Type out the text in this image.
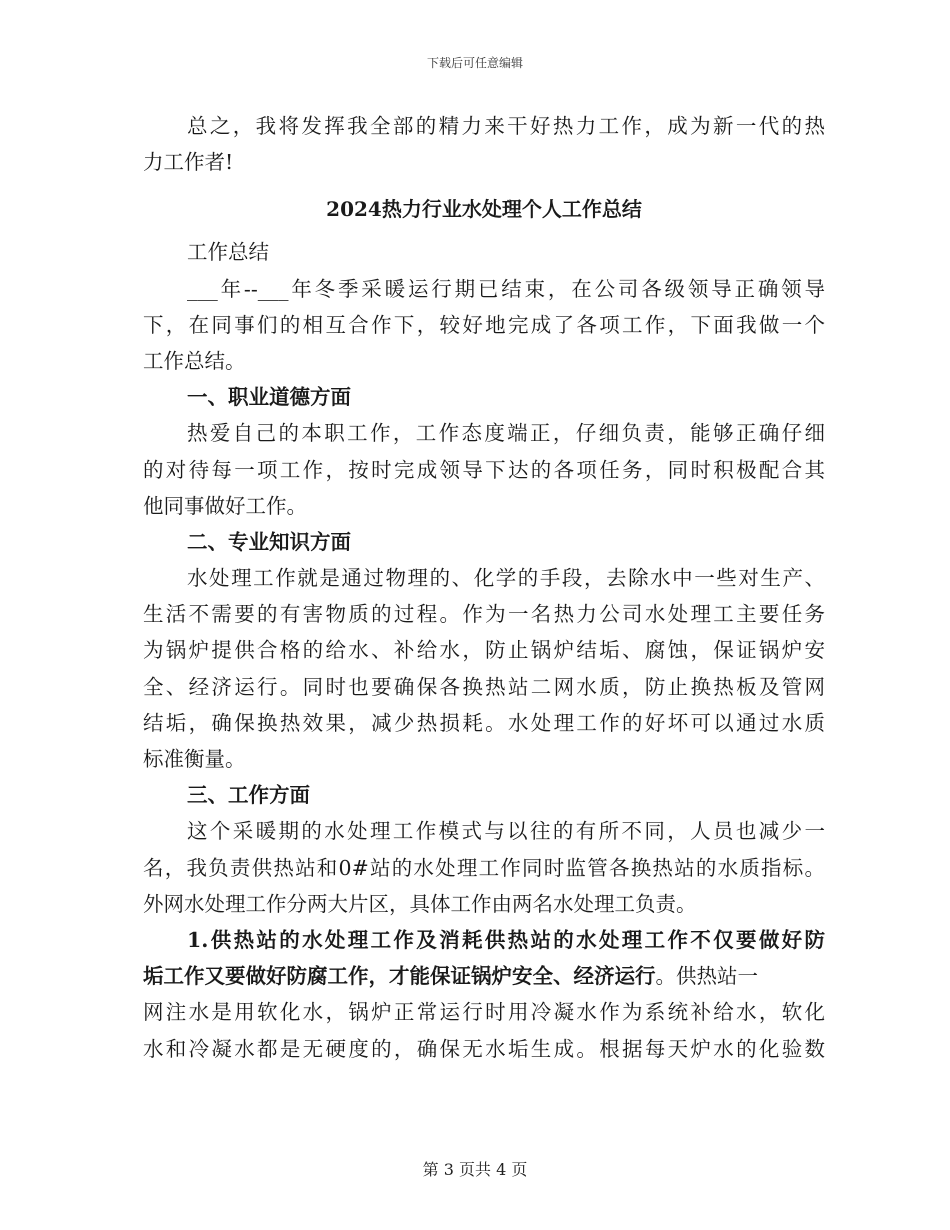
下载后可任意编辑
总之，我将发挥我全部的精力来干好热力工作，成为新一代的热
力工作者!
2024热力行业水处理个人工作总结
工作总结
___年--___年冬季采暖运行期已结束，在公司各级领导正确领导
下，在同事们的相互合作下，较好地完成了各项工作，下面我做一个
工作总结。
一、职业道德方面
热爱自己的本职工作，工作态度端正，仔细负责，能够正确仔细
的对待每一项工作，按时完成领导下达的各项任务，同时积极配合其
他同事做好工作。
二、专业知识方面
水处理工作就是通过物理的、化学的手段，去除水中一些对生产、
生活不需要的有害物质的过程。作为一名热力公司水处理工主要任务
为锅炉提供合格的给水、补给水，防止锅炉结垢、腐蚀，保证锅炉安
全、经济运行。同时也要确保各换热站二网水质，防止换热板及管网
结垢，确保换热效果，减少热损耗。水处理工作的好坏可以通过水质
标准衡量。
三、工作方面
这个采暖期的水处理工作模式与以往的有所不同，人员也减少一
名，我负责供热站和0#站的水处理工作同时监管各换热站的水质指标。
外网水处理工作分两大片区，具体工作由两名水处理工负责。
1.供热站的水处理工作及消耗供热站的水处理工作不仅要做好防
垢工作又要做好防腐工作，才能保证锅炉安全、经济运行。供热站一
网注水是用软化水，锅炉正常运行时用冷凝水作为系统补给水，软化
水和冷凝水都是无硬度的，确保无水垢生成。根据每天炉水的化验数
第 3 页共 4 页
